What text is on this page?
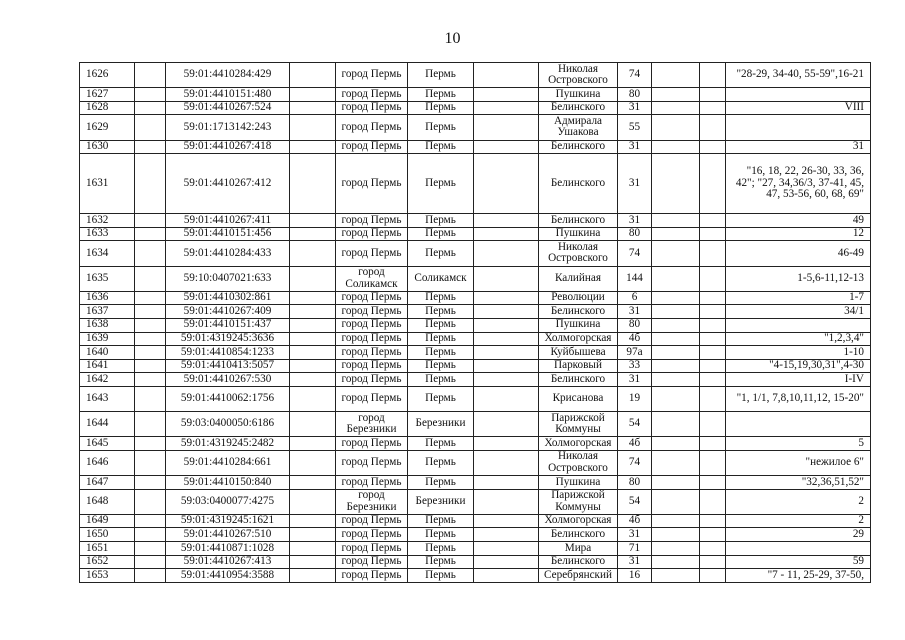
10
1626		59:01:4410284:429		город Пермь	Пермь		Николая Островского	74			"28-29, 34-40, 55-59",16-21
1627		59:01:4410151:480		город Пермь	Пермь		Пушкина	80			
1628		59:01:4410267:524		город Пермь	Пермь		Белинского	31			VIII
1629		59:01:1713142:243		город Пермь	Пермь		Адмирала Ушакова	55			
1630		59:01:4410267:418		город Пермь	Пермь		Белинского	31			31
1631		59:01:4410267:412		город Пермь	Пермь		Белинского	31			"16, 18, 22, 26-30, 33, 36, 42"; "27, 34,36/3, 37-41, 45, 47, 53-56, 60, 68, 69"
1632		59:01:4410267:411		город Пермь	Пермь		Белинского	31			49
1633		59:01:4410151:456		город Пермь	Пермь		Пушкина	80			12
1634		59:01:4410284:433		город Пермь	Пермь		Николая Островского	74			46-49
1635		59:10:0407021:633		город Соликамск	Соликамск		Калийная	144			1-5,6-11,12-13
1636		59:01:4410302:861		город Пермь	Пермь		Революции	6			1-7
1637		59:01:4410267:409		город Пермь	Пермь		Белинского	31			34/1
1638		59:01:4410151:437		город Пермь	Пермь		Пушкина	80			
1639		59:01:4319245:3636		город Пермь	Пермь		Холмогорская	4б			"1,2,3,4"
1640		59:01:4410854:1233		город Пермь	Пермь		Куйбышева	97а			1-10
1641		59:01:4410413:5057		город Пермь	Пермь		Парковый	33			"4-15,19,30,31",4-30
1642		59:01:4410267:530		город Пермь	Пермь		Белинского	31			I-IV
1643		59:01:4410062:1756		город Пермь	Пермь		Крисанова	19			"1, 1/1, 7,8,10,11,12, 15-20"
1644		59:03:0400050:6186		город Березники	Березники		Парижской Коммуны	54			
1645		59:01:4319245:2482		город Пермь	Пермь		Холмогорская	4б			5
1646		59:01:4410284:661		город Пермь	Пермь		Николая Островского	74			"нежилое 6"
1647		59:01:4410150:840		город Пермь	Пермь		Пушкина	80			"32,36,51,52"
1648		59:03:0400077:4275		город Березники	Березники		Парижской Коммуны	54			2
1649		59:01:4319245:1621		город Пермь	Пермь		Холмогорская	4б			2
1650		59:01:4410267:510		город Пермь	Пермь		Белинского	31			29
1651		59:01:4410871:1028		город Пермь	Пермь		Мира	71			
1652		59:01:4410267:413		город Пермь	Пермь		Белинского	31			59
1653		59:01:4410954:3588		город Пермь	Пермь		Серебрянский	16			"7 - 11, 25-29, 37-50,
